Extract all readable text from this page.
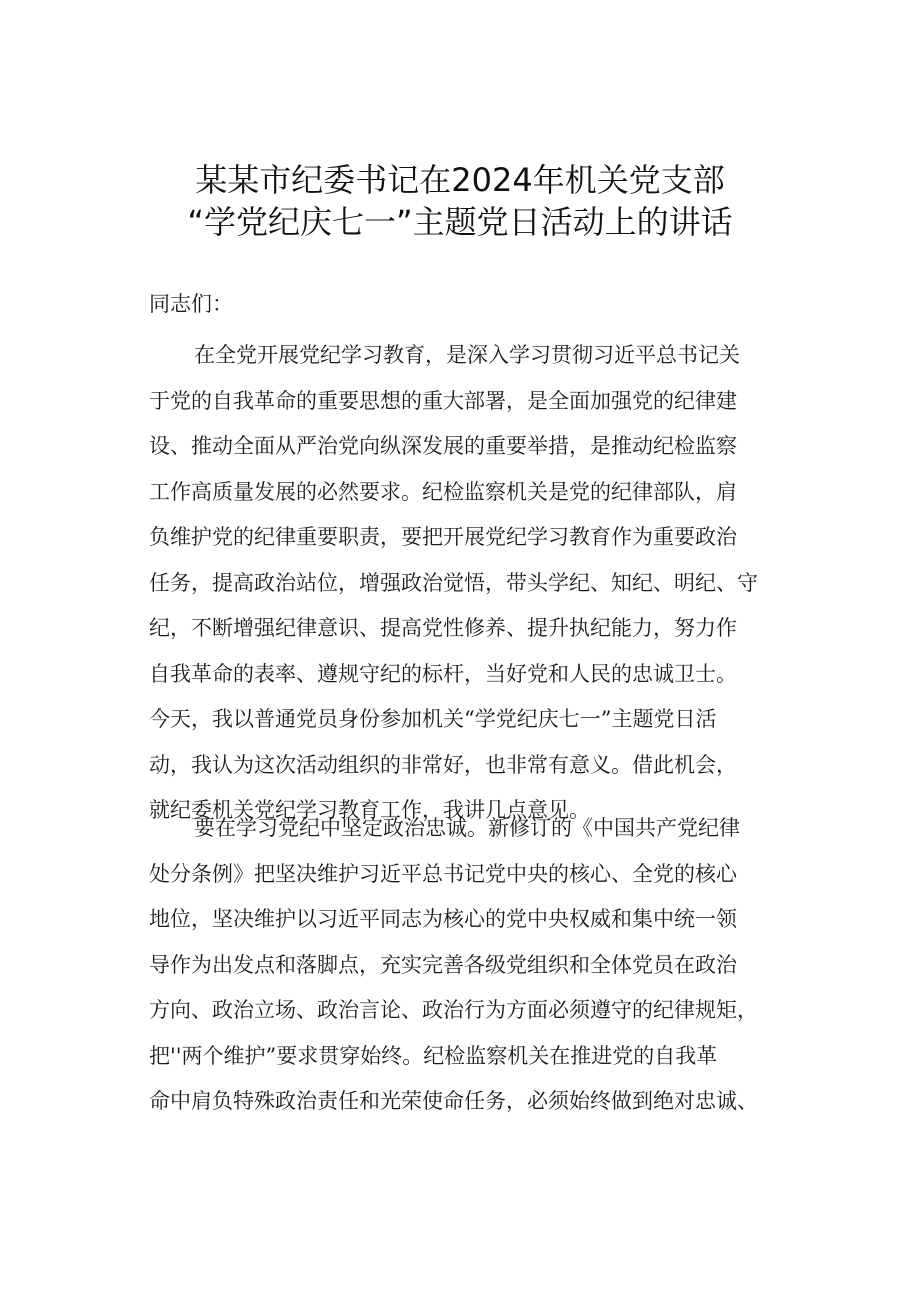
某某市纪委书记在2024年机关党支部
“学党纪庆七一”主题党日活动上的讲话
同志们：
在全党开展党纪学习教育，是深入学习贯彻习近平总书记关
于党的自我革命的重要思想的重大部署，是全面加强党的纪律建
设、推动全面从严治党向纵深发展的重要举措，是推动纪检监察
工作高质量发展的必然要求。纪检监察机关是党的纪律部队，肩
负维护党的纪律重要职责，要把开展党纪学习教育作为重要政治
任务，提高政治站位，增强政治觉悟，带头学纪、知纪、明纪、守
纪，不断增强纪律意识、提高党性修养、提升执纪能力，努力作
自我革命的表率、遵规守纪的标杆，当好党和人民的忠诚卫士。
今天，我以普通党员身份参加机关“学党纪庆七一”主题党日活
动，我认为这次活动组织的非常好，也非常有意义。借此机会，
就纪委机关党纪学习教育工作，我讲几点意见。
要在学习党纪中坚定政治忠诚。新修订的《中国共产党纪律
处分条例》把坚决维护习近平总书记党中央的核心、全党的核心
地位，坚决维护以习近平同志为核心的党中央权威和集中统一领
导作为出发点和落脚点，充实完善各级党组织和全体党员在政治
方向、政治立场、政治言论、政治行为方面必须遵守的纪律规矩，
把''两个维护”要求贯穿始终。纪检监察机关在推进党的自我革
命中肩负特殊政治责任和光荣使命任务，必须始终做到绝对忠诚、
